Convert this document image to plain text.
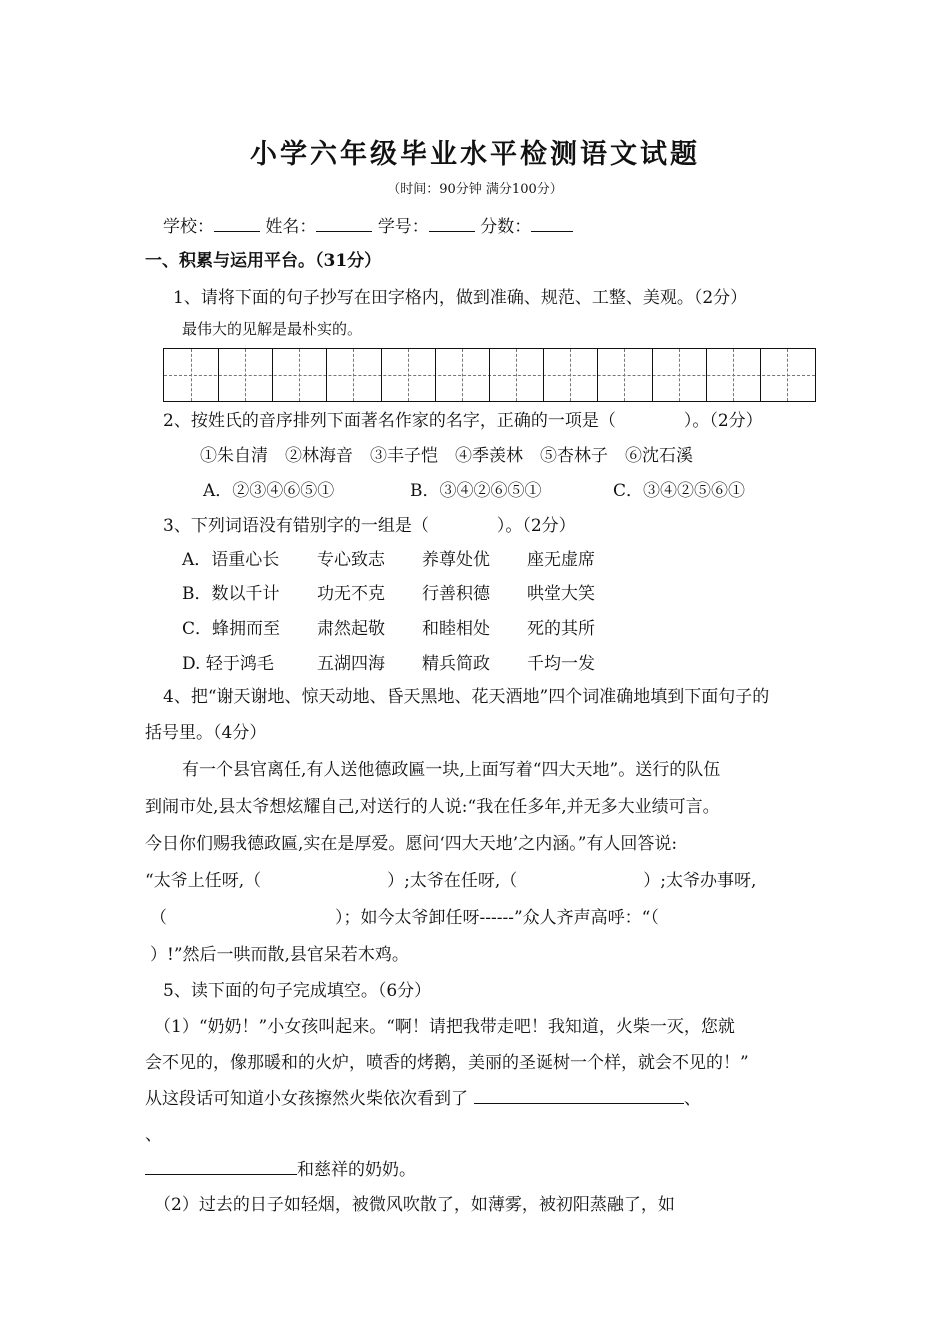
小学六年级毕业水平检测语文试题
（时间：90分钟 满分100分）
学校：	姓名：	学号：	分数：
一、积累与运用平台。（31分）
1、请将下面的句子抄写在田字格内，做到准确、规范、工整、美观。（2分）
最伟大的见解是最朴实的。
2、按姓氏的音序排列下面著名作家的名字，正确的一项是（　　　　）。（2分）
①朱自清　②林海音　③丰子恺　④季羡林　⑤杏林子　⑥沈石溪
A．②③④⑥⑤①	B．③④②⑥⑤①	C．③④②⑤⑥①
3、下列词语没有错别字的一组是（　　　　）。（2分）
A．语重心长 专心致志 养尊处优 座无虚席
B．数以千计 功无不克 行善积德 哄堂大笑
C．蜂拥而至 肃然起敬 和睦相处 死的其所
D. 轻于鸿毛	五湖四海 精兵简政 千均一发
4、把“谢天谢地、惊天动地、昏天黑地、花天酒地”四个词准确地填到下面句子的
括号里。（4分）
有一个县官离任,有人送他德政匾一块,上面写着“四大天地”。送行的队伍
到闹市处,县太爷想炫耀自己,对送行的人说:“我在任多年,并无多大业绩可言。
今日你们赐我德政匾,实在是厚爱。愿问‘四大天地’之内涵。”有人回答说:
“太爷上任呀,（	）;太爷在任呀,（	）;太爷办事呀,
（	）；如今太爷卸任呀------”众人齐声高呼：“（
）!”然后一哄而散,县官呆若木鸡。
5、读下面的句子完成填空。（6分）
（1）“奶奶！”小女孩叫起来。“啊！请把我带走吧！我知道，火柴一灭，您就
会不见的，像那暖和的火炉，喷香的烤鹅，美丽的圣诞树一个样，就会不见的！”
从这段话可知道小女孩擦然火柴依次看到了	、
、
和慈祥的奶奶。
（2）过去的日子如轻烟，被微风吹散了，如薄雾，被初阳蒸融了，如
